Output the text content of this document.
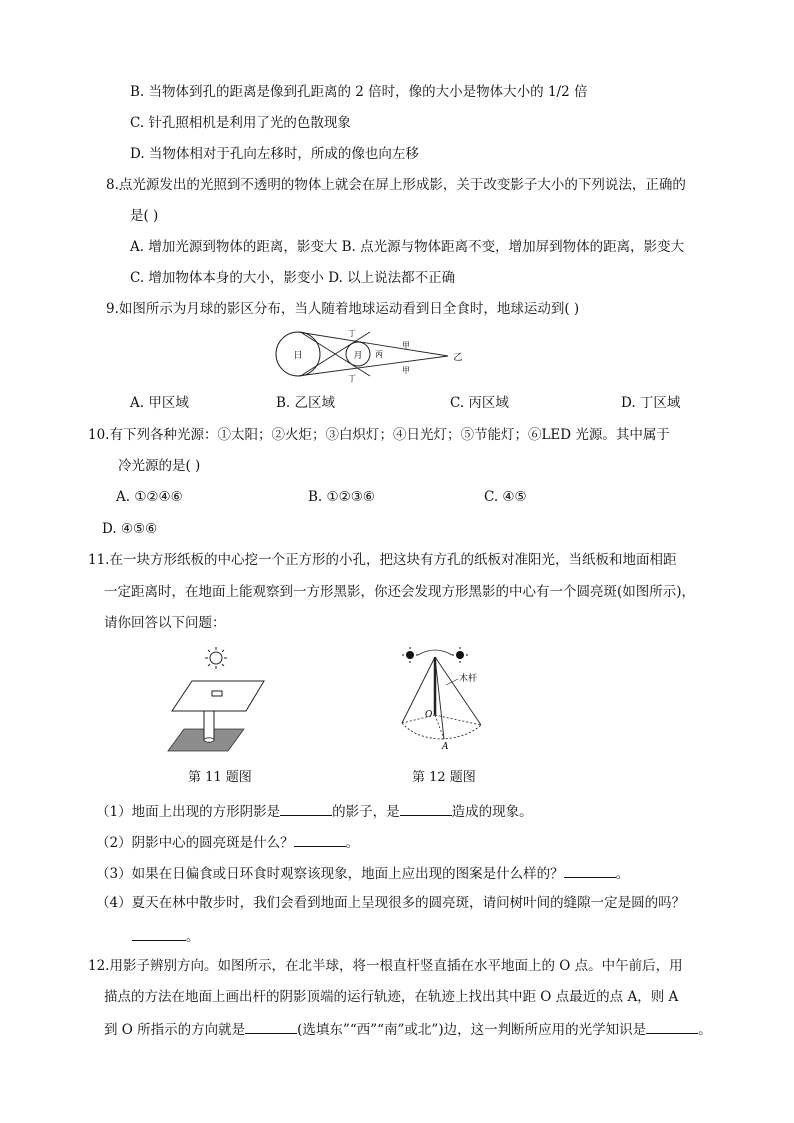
B. 当物体到孔的距离是像到孔距离的 2 倍时，像的大小是物体大小的 1/2 倍
C. 针孔照相机是利用了光的色散现象
D. 当物体相对于孔向左移时，所成的像也向左移
8.点光源发出的光照到不透明的物体上就会在屏上形成影，关于改变影子大小的下列说法，正确的
是( )
A. 增加光源到物体的距离，影变大 B. 点光源与物体距离不变，增加屏到物体的距离，影变大
C. 增加物体本身的大小，影变小 D. 以上说法都不正确
9.如图所示为月球的影区分布，当人随着地球运动看到日全食时，地球运动到( )
日	月 丙
甲
甲
乙
丁
丁
A. 甲区域	B. 乙区域	C. 丙区域	D. 丁区域
10.有下列各种光源：①太阳；②火炬；③白炽灯；④日光灯；⑤节能灯；⑥LED 光源。其中属于
冷光源的是( )
A. ①②④⑥	B. ①②③⑥	C. ④⑤
D. ④⑤⑥
11.在一块方形纸板的中心挖一个正方形的小孔，把这块有方孔的纸板对准阳光，当纸板和地面相距
一定距离时，在地面上能观察到一方形黑影，你还会发现方形黑影的中心有一个圆亮斑(如图所示)，
请你回答以下问题：
第 11 题图
木杆
O
A
第 12 题图
（1）地面上出现的方形阴影是	的影子，是	造成的现象。
（2）阴影中心的圆亮斑是什么？	。
（3）如果在日偏食或日环食时观察该现象，地面上应出现的图案是什么样的？	。
（4）夏天在林中散步时，我们会看到地面上呈现很多的圆亮斑，请问树叶间的缝隙一定是圆的吗？
。
12.用影子辨别方向。如图所示，在北半球，将一根直杆竖直插在水平地面上的 O 点。中午前后，用
描点的方法在地面上画出杆的阴影顶端的运行轨迹，在轨迹上找出其中距 O 点最近的点 A，则 A
到 O 所指示的方向就是	(选填东”“西”“南”或北”)边，这一判断所应用的光学知识是	。
